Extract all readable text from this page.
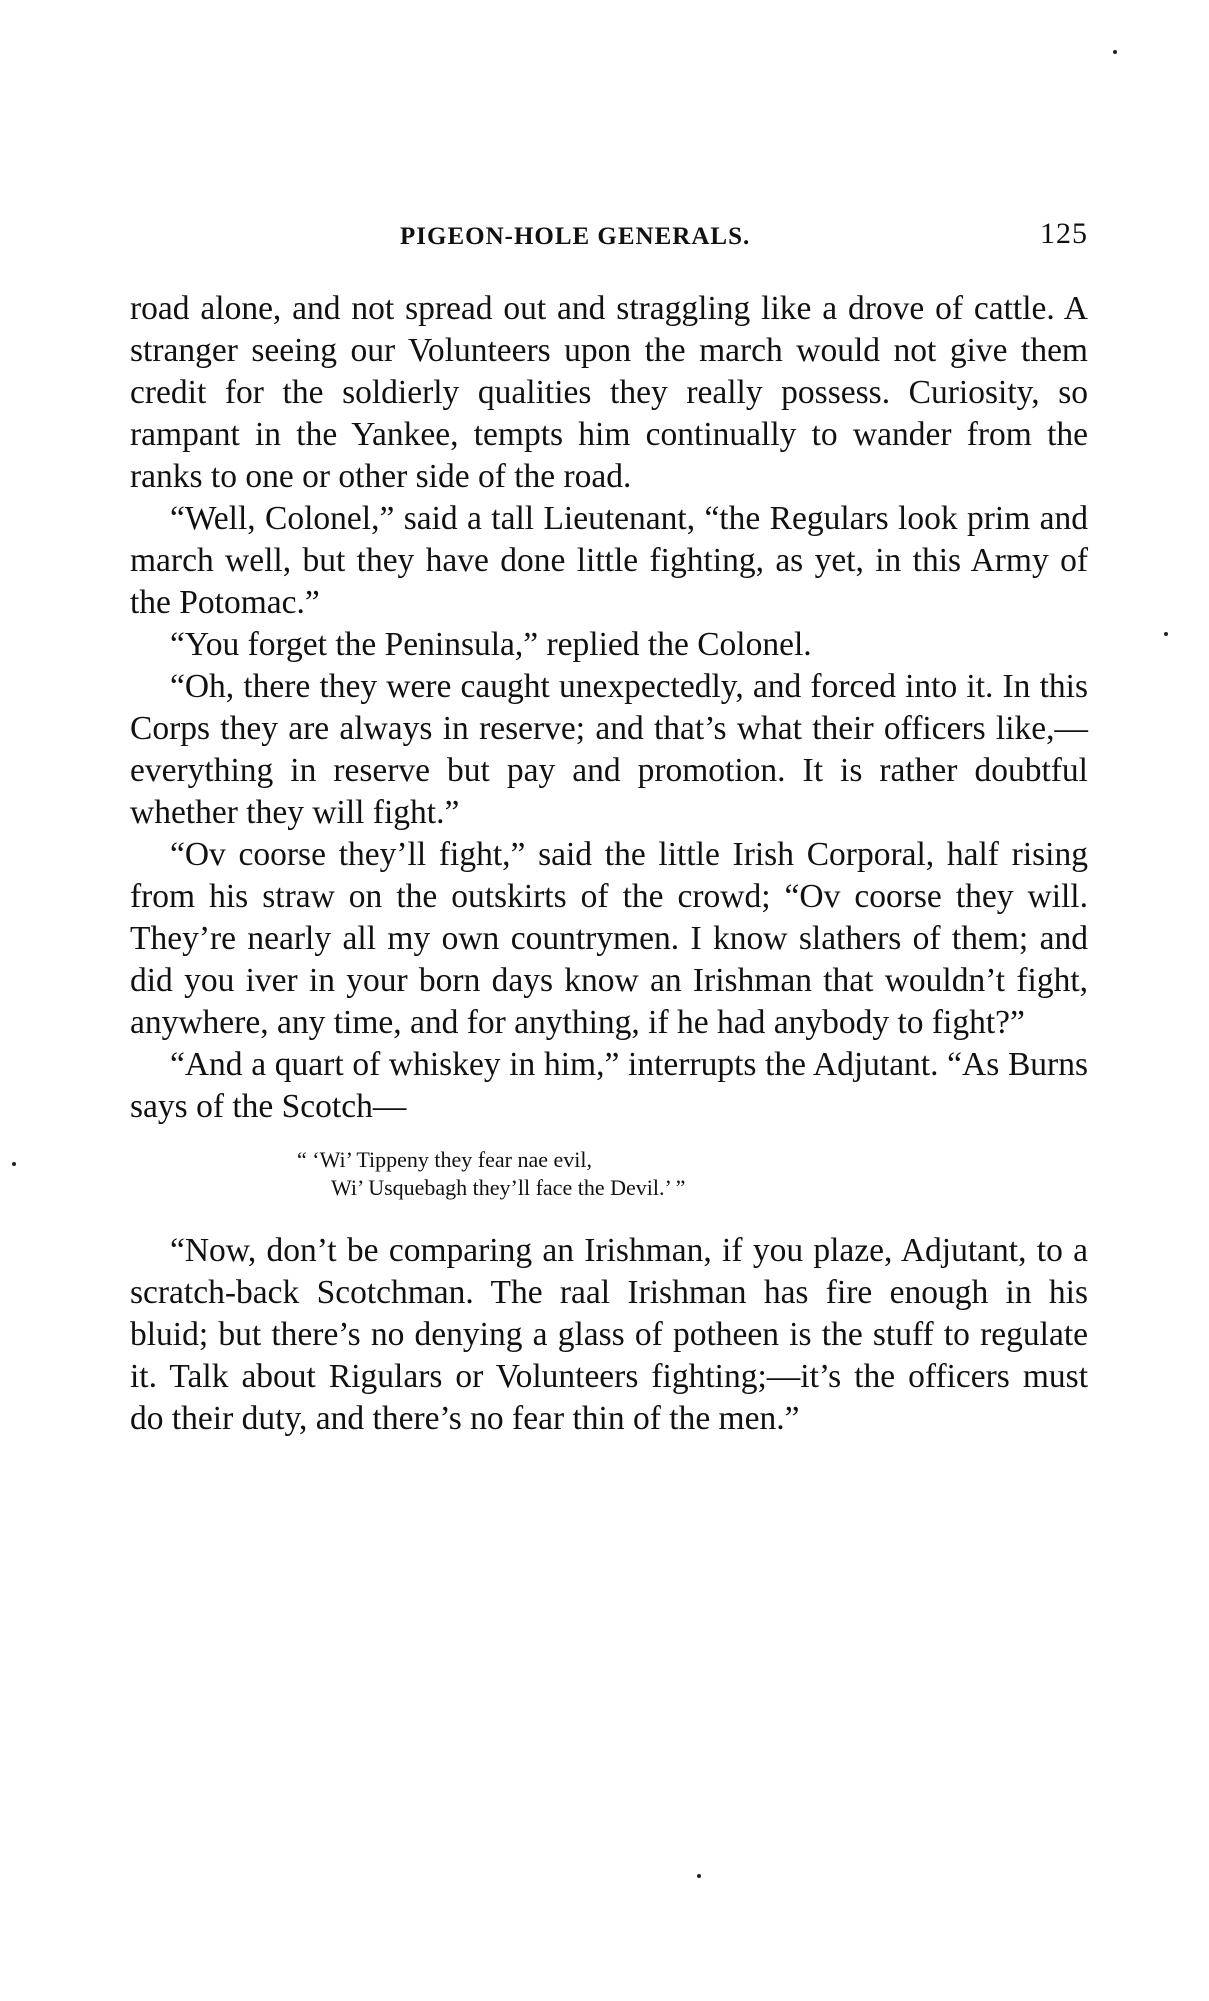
PIGEON-HOLE GENERALS.	125

road alone, and not spread out and straggling like a drove of cattle. A stranger seeing our Volunteers upon the march would not give them credit for the soldierly qualities they really possess. Curiosity, so rampant in the Yankee, tempts him continually to wander from the ranks to one or other side of the road.

“Well, Colonel,” said a tall Lieutenant, “the Regulars look prim and march well, but they have done little fighting, as yet, in this Army of the Potomac.”

“You forget the Peninsula,” replied the Colonel.

“Oh, there they were caught unexpectedly, and forced into it. In this Corps they are always in reserve; and that’s what their officers like,—everything in reserve but pay and promotion. It is rather doubtful whether they will fight.”

“Ov coorse they’ll fight,” said the little Irish Corporal, half rising from his straw on the outskirts of the crowd; “Ov coorse they will. They’re nearly all my own countrymen. I know slathers of them; and did you iver in your born days know an Irishman that wouldn’t fight, anywhere, any time, and for anything, if he had anybody to fight?”

“And a quart of whiskey in him,” interrupts the Adjutant. “As Burns says of the Scotch—

“ ‘Wi’ Tippeny they fear nae evil,
Wi’ Usquebagh they’ll face the Devil.’ ”

“Now, don’t be comparing an Irishman, if you plaze, Adjutant, to a scratch-back Scotchman. The raal Irishman has fire enough in his bluid; but there’s no denying a glass of potheen is the stuff to regulate it. Talk about Rigulars or Volunteers fighting;—it’s the officers must do their duty, and there’s no fear thin of the men.”
